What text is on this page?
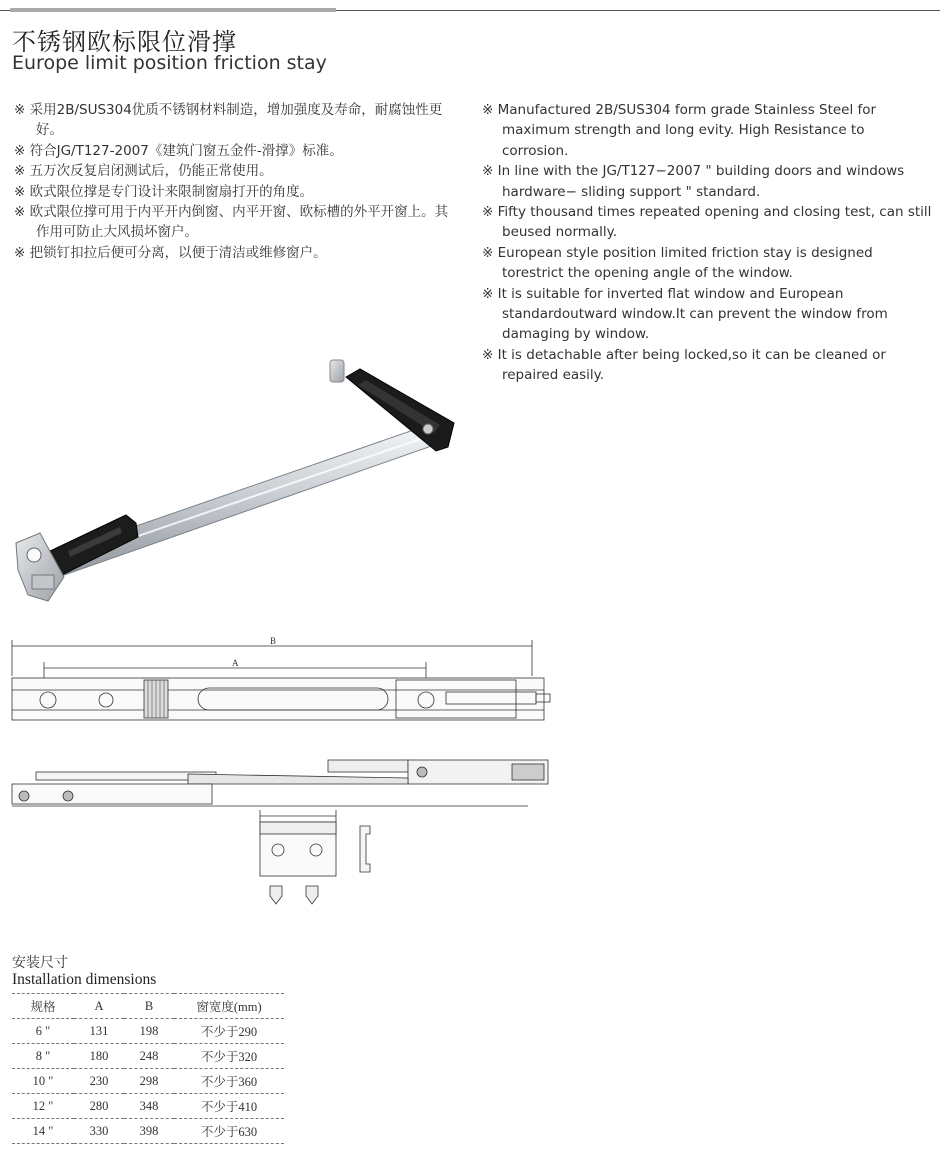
不锈钢欧标限位滑撑
Europe limit position friction stay
※ 采用2B/SUS304优质不锈钢材料制造，增加强度及寿命，耐腐蚀性更好。
※ 符合JG/T127-2007《建筑门窗五金件-滑撑》标准。
※ 五万次反复启闭测试后，仍能正常使用。
※ 欧式限位撑是专门设计来限制窗扇打开的角度。
※ 欧式限位撑可用于内平开内倒窗、内平开窗、欧标槽的外平开窗上。其作用可防止大风损坏窗户。
※ 把锁钉扣拉后便可分离，以便于清洁或维修窗户。
※ Manufactured 2B/SUS304 form grade Stainless Steel for maximum strength and long evity. High Resistance to corrosion.
※ In line with the JG/T127−2007 " building doors and windows hardware− sliding support " standard.
※ Fifty thousand times repeated opening and closing test, can still beused normally.
※ European style position limited friction stay is designed torestrict the opening angle of the window.
※ It is suitable for inverted flat window and European standardoutward window.It can prevent the window from damaging by window.
※ It is detachable after being locked,so it can be cleaned or repaired easily.
B
A
安装尺寸
Installation dimensions
规格	A	B	窗宽度(mm)
6 "	131	198	不少于290
8 "	180	248	不少于320
10 "	230	298	不少于360
12 "	280	348	不少于410
14 "	330	398	不少于630
